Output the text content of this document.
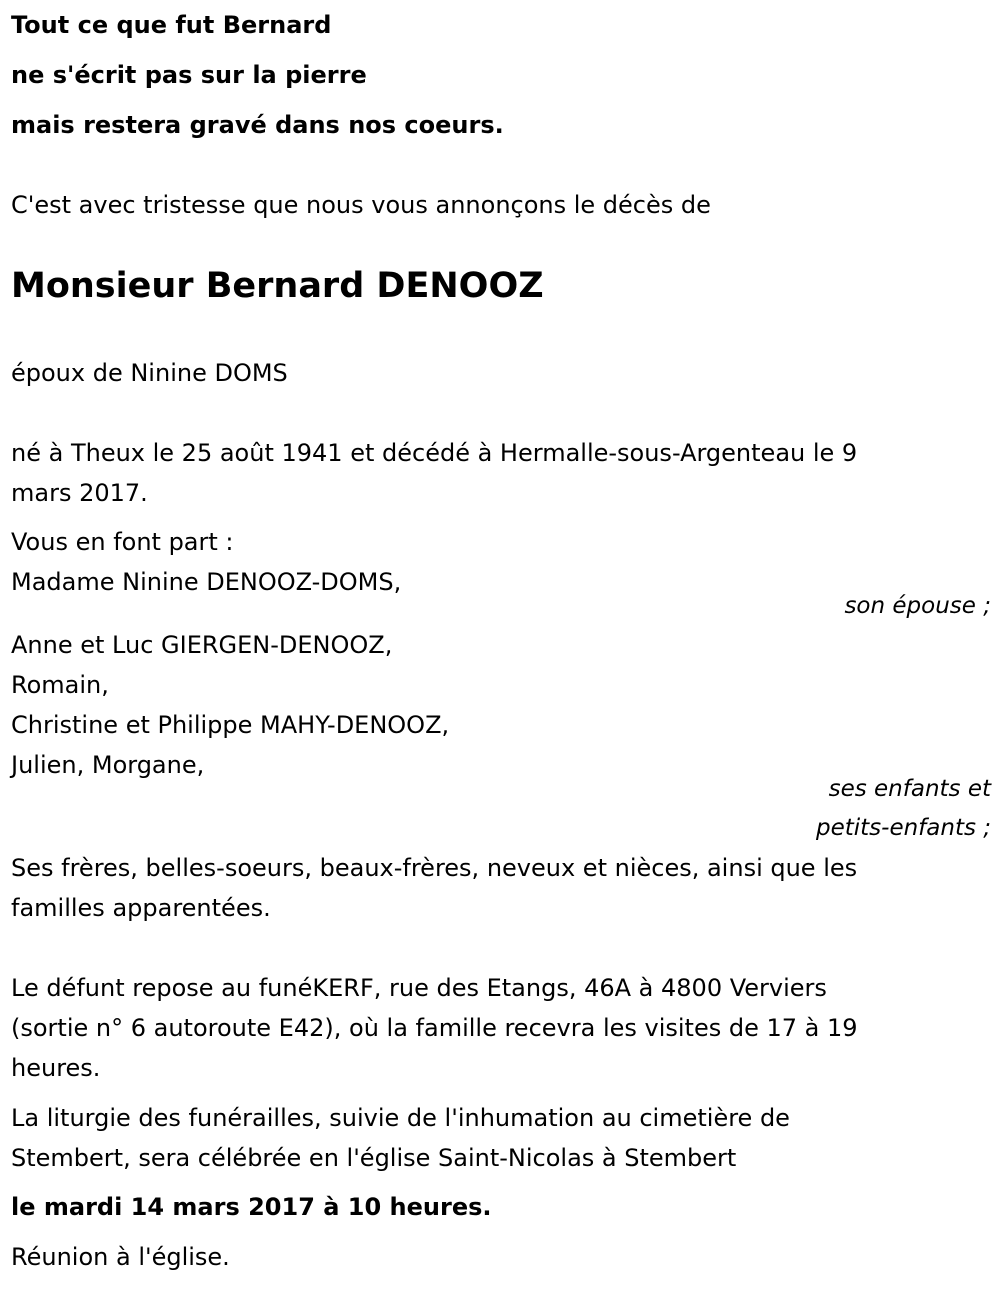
Tout ce que fut Bernard
ne s'écrit pas sur la pierre
mais restera gravé dans nos coeurs.
C'est avec tristesse que nous vous annonçons le décès de
Monsieur Bernard DENOOZ
époux de Ninine DOMS
né à Theux le 25 août 1941 et décédé à Hermalle-sous-Argenteau le 9
mars 2017.
Vous en font part :
Madame Ninine DENOOZ-DOMS,
son épouse ;
Anne et Luc GIERGEN-DENOOZ,
Romain,
Christine et Philippe MAHY-DENOOZ,
Julien, Morgane,
ses enfants et
petits-enfants ;
Ses frères, belles-soeurs, beaux-frères, neveux et nièces, ainsi que les
familles apparentées.
Le défunt repose au funéKERF, rue des Etangs, 46A à 4800 Verviers
(sortie n° 6 autoroute E42), où la famille recevra les visites de 17 à 19
heures.
La liturgie des funérailles, suivie de l'inhumation au cimetière de
Stembert, sera célébrée en l'église Saint-Nicolas à Stembert
le mardi 14 mars 2017 à 10 heures.
Réunion à l'église.
